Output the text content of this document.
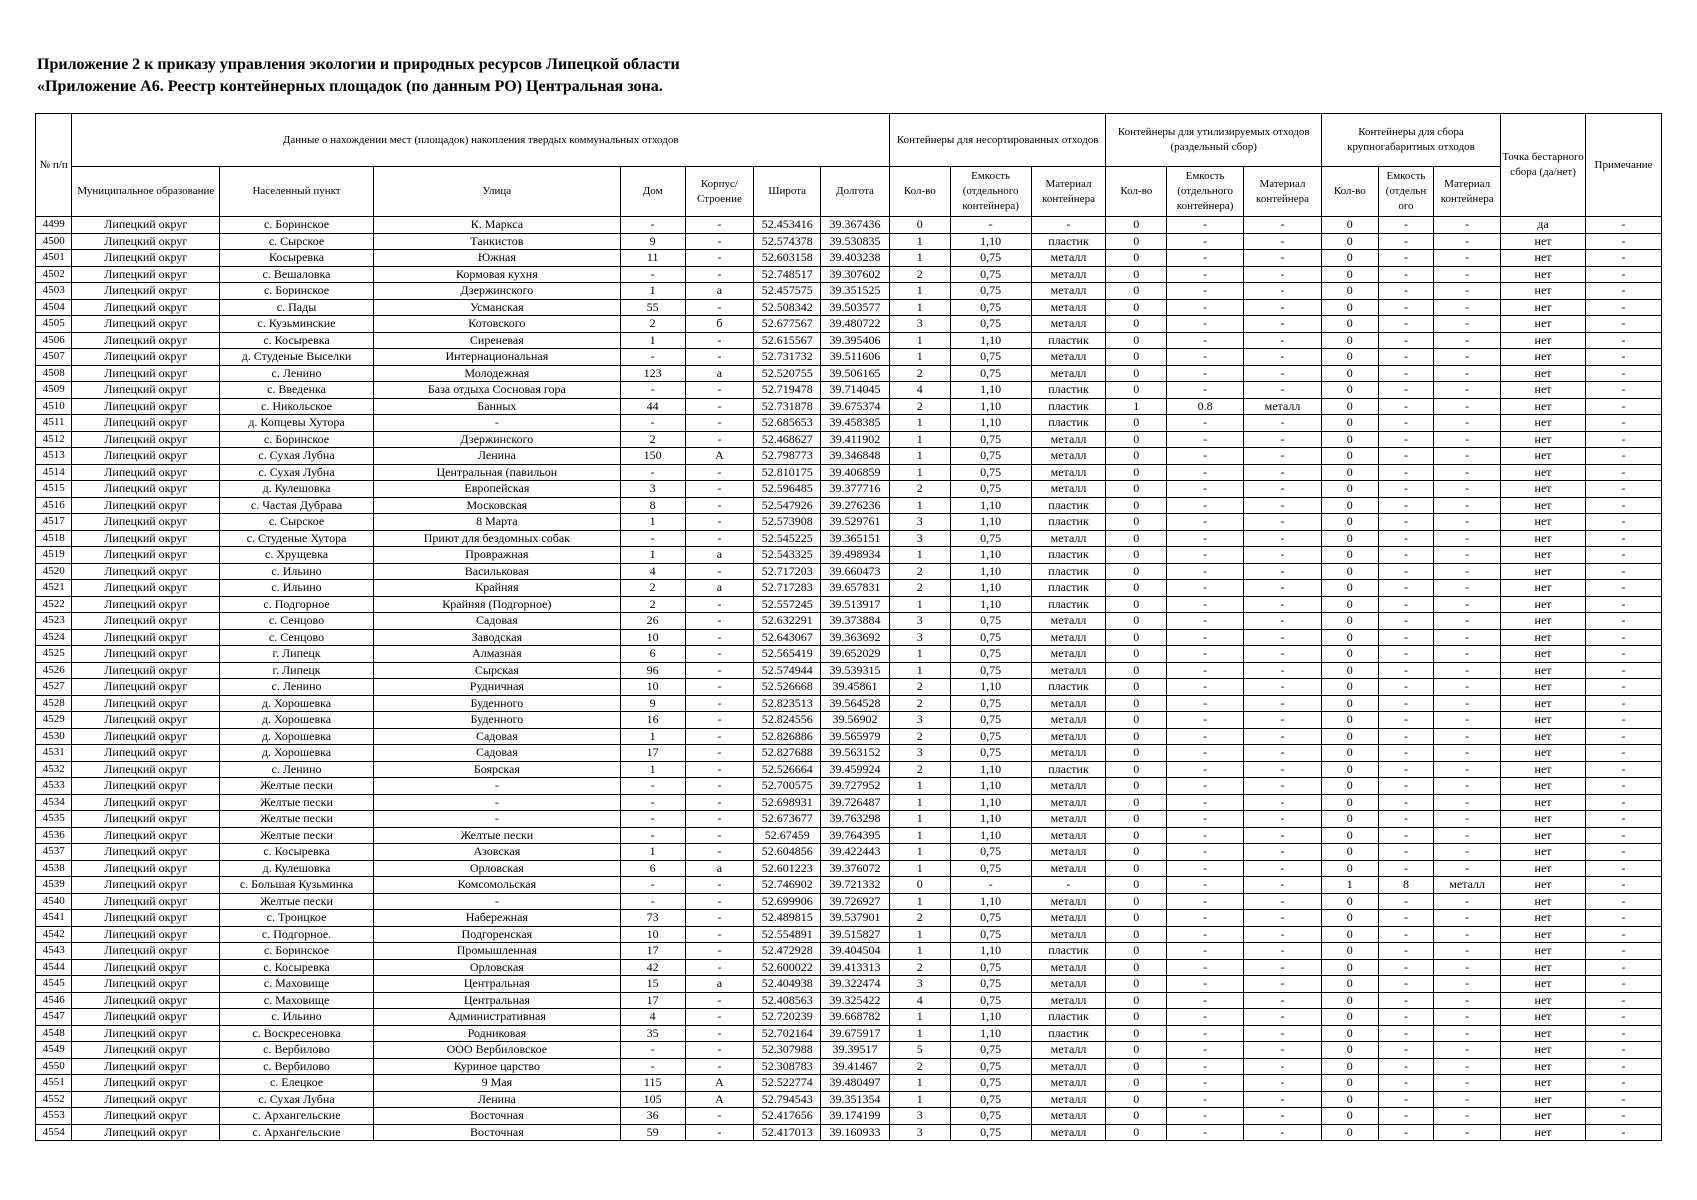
Приложение 2 к приказу управления экологии и природных ресурсов Липецкой области
«Приложение А6. Реестр контейнерных площадок (по данным РО) Центральная зона.
№ п/п	Данные о нахождении мест (площадок) накопления твердых коммунальных отходов							Контейнеры для несортированных отходов			Контейнеры для утилизируемых отходов (раздельный сбор)			Контейнеры для сбора крупногабаритных отходов			Точка бестарного сбора (да/нет)	Примечание
	Муниципальное образование	Населенный пункт	Улица	Дом	Корпус/ Строение	Широта	Долгота	Кол-во	Емкость (отдельного контейнера)	Материал контейнера	Кол-во	Емкость (отдельного контейнера)	Материал контейнера	Кол-во	Емкость (отдельн ого	Материал контейнера		
4499	Липецкий округ	с. Боринское	К. Маркса	-	-	52.453416	39.367436	0	-	-	0	-	-	0	-	-	да	-
4500	Липецкий округ	с. Сырское	Танкистов	9	-	52.574378	39.530835	1	1,10	пластик	0	-	-	0	-	-	нет	-
4501	Липецкий округ	Косыревка	Южная	11	-	52.603158	39.403238	1	0,75	металл	0	-	-	0	-	-	нет	-
4502	Липецкий округ	с. Вешаловка	Кормовая кухня	-	-	52.748517	39.307602	2	0,75	металл	0	-	-	0	-	-	нет	-
4503	Липецкий округ	с. Боринское	Дзержинского	1	а	52.457575	39.351525	1	0,75	металл	0	-	-	0	-	-	нет	-
4504	Липецкий округ	с. Пады	Усманская	55	-	52.508342	39.503577	1	0,75	металл	0	-	-	0	-	-	нет	-
4505	Липецкий округ	с. Кузьминские	Котовского	2	б	52.677567	39.480722	3	0,75	металл	0	-	-	0	-	-	нет	-
4506	Липецкий округ	с. Косыревка	Сиреневая	1	-	52.615567	39.395406	1	1,10	пластик	0	-	-	0	-	-	нет	-
4507	Липецкий округ	д. Студеные Выселки	Интернациональная	-	-	52.731732	39.511606	1	0,75	металл	0	-	-	0	-	-	нет	-
4508	Липецкий округ	с. Ленино	Молодежная	123	а	52.520755	39.506165	2	0,75	металл	0	-	-	0	-	-	нет	-
4509	Липецкий округ	с. Введенка	База отдыха Сосновая гора	-	-	52.719478	39.714045	4	1,10	пластик	0	-	-	0	-	-	нет	-
4510	Липецкий округ	с. Никольское	Банных	44	-	52.731878	39.675374	2	1,10	пластик	1	0.8	металл	0	-	-	нет	-
4511	Липецкий округ	д. Копцевы Хутора	-	-	-	52.685653	39.458385	1	1,10	пластик	0	-	-	0	-	-	нет	-
4512	Липецкий округ	с. Боринское	Дзержинского	2	-	52.468627	39.411902	1	0,75	металл	0	-	-	0	-	-	нет	-
4513	Липецкий округ	с. Сухая Лубна	Ленина	150	А	52.798773	39.346848	1	0,75	металл	0	-	-	0	-	-	нет	-
4514	Липецкий округ	с. Сухая Лубна	Центральная (павильон	-	-	52.810175	39.406859	1	0,75	металл	0	-	-	0	-	-	нет	-
4515	Липецкий округ	д. Кулешовка	Европейская	3	-	52.596485	39.377716	2	0,75	металл	0	-	-	0	-	-	нет	-
4516	Липецкий округ	с. Частая Дубрава	Московская	8	-	52.547926	39.276236	1	1,10	пластик	0	-	-	0	-	-	нет	-
4517	Липецкий округ	с. Сырское	8 Марта	1	-	52.573908	39.529761	3	1,10	пластик	0	-	-	0	-	-	нет	-
4518	Липецкий округ	с. Студеные Хутора	Приют для бездомных собак	-	-	52.545225	39.365151	3	0,75	металл	0	-	-	0	-	-	нет	-
4519	Липецкий округ	с. Хрущевка	Провражная	1	а	52.543325	39.498934	1	1,10	пластик	0	-	-	0	-	-	нет	-
4520	Липецкий округ	с. Ильино	Васильковая	4	-	52.717203	39.660473	2	1,10	пластик	0	-	-	0	-	-	нет	-
4521	Липецкий округ	с. Ильино	Крайняя	2	а	52.717283	39.657831	2	1,10	пластик	0	-	-	0	-	-	нет	-
4522	Липецкий округ	с. Подгорное	Крайняя (Подгорное)	2	-	52.557245	39.513917	1	1,10	пластик	0	-	-	0	-	-	нет	-
4523	Липецкий округ	с. Сенцово	Садовая	26	-	52.632291	39.373884	3	0,75	металл	0	-	-	0	-	-	нет	-
4524	Липецкий округ	с. Сенцово	Заводская	10	-	52.643067	39.363692	3	0,75	металл	0	-	-	0	-	-	нет	-
4525	Липецкий округ	г. Липецк	Алмазная	6	-	52.565419	39.652029	1	0,75	металл	0	-	-	0	-	-	нет	-
4526	Липецкий округ	г. Липецк	Сырская	96	-	52.574944	39.539315	1	0,75	металл	0	-	-	0	-	-	нет	-
4527	Липецкий округ	с. Ленино	Рудничная	10	-	52.526668	39.45861	2	1,10	пластик	0	-	-	0	-	-	нет	-
4528	Липецкий округ	д. Хорошевка	Буденного	9	-	52.823513	39.564528	2	0,75	металл	0	-	-	0	-	-	нет	-
4529	Липецкий округ	д. Хорошевка	Буденного	16	-	52.824556	39.56902	3	0,75	металл	0	-	-	0	-	-	нет	-
4530	Липецкий округ	д. Хорошевка	Садовая	1	-	52.826886	39.565979	2	0,75	металл	0	-	-	0	-	-	нет	-
4531	Липецкий округ	д. Хорошевка	Садовая	17	-	52.827688	39.563152	3	0,75	металл	0	-	-	0	-	-	нет	-
4532	Липецкий округ	с. Ленино	Боярская	1	-	52.526664	39.459924	2	1,10	пластик	0	-	-	0	-	-	нет	-
4533	Липецкий округ	Желтые пески	-	-	-	52.700575	39.727952	1	1,10	металл	0	-	-	0	-	-	нет	-
4534	Липецкий округ	Желтые пески	-	-	-	52.698931	39.726487	1	1,10	металл	0	-	-	0	-	-	нет	-
4535	Липецкий округ	Желтые пески	-	-	-	52.673677	39.763298	1	1,10	металл	0	-	-	0	-	-	нет	-
4536	Липецкий округ	Желтые пески	Желтые пески	-	-	52.67459	39.764395	1	1,10	металл	0	-	-	0	-	-	нет	-
4537	Липецкий округ	с. Косыревка	Азовская	1	-	52.604856	39.422443	1	0,75	металл	0	-	-	0	-	-	нет	-
4538	Липецкий округ	д. Кулешовка	Орловская	6	а	52.601223	39.376072	1	0,75	металл	0	-	-	0	-	-	нет	-
4539	Липецкий округ	с. Большая Кузьминка	Комсомольская	-	-	52.746902	39.721332	0	-	-	0	-	-	1	8	металл	нет	-
4540	Липецкий округ	Желтые пески	-	-	-	52.699906	39.726927	1	1,10	металл	0	-	-	0	-	-	нет	-
4541	Липецкий округ	с. Троицкое	Набережная	73	-	52.489815	39.537901	2	0,75	металл	0	-	-	0	-	-	нет	-
4542	Липецкий округ	с. Подгорное.	Подгоренская	10	-	52.554891	39.515827	1	0,75	металл	0	-	-	0	-	-	нет	-
4543	Липецкий округ	с. Боринское	Промышленная	17	-	52.472928	39.404504	1	1,10	пластик	0	-	-	0	-	-	нет	-
4544	Липецкий округ	с. Косыревка	Орловская	42	-	52.600022	39.413313	2	0,75	металл	0	-	-	0	-	-	нет	-
4545	Липецкий округ	с. Маховище	Центральная	15	а	52.404938	39.322474	3	0,75	металл	0	-	-	0	-	-	нет	-
4546	Липецкий округ	с. Маховище	Центральная	17	-	52.408563	39.325422	4	0,75	металл	0	-	-	0	-	-	нет	-
4547	Липецкий округ	с. Ильино	Административная	4	-	52.720239	39.668782	1	1,10	пластик	0	-	-	0	-	-	нет	-
4548	Липецкий округ	с. Воскресеновка	Родниковая	35	-	52.702164	39.675917	1	1,10	пластик	0	-	-	0	-	-	нет	-
4549	Липецкий округ	с. Вербилово	ООО Вербиловское	-	-	52.307988	39.39517	5	0,75	металл	0	-	-	0	-	-	нет	-
4550	Липецкий округ	с. Вербилово	Куриное царство	-	-	52.308783	39.41467	2	0,75	металл	0	-	-	0	-	-	нет	-
4551	Липецкий округ	с. Елецкое	9 Мая	115	А	52.522774	39.480497	1	0,75	металл	0	-	-	0	-	-	нет	-
4552	Липецкий округ	с. Сухая Лубна	Ленина	105	А	52.794543	39.351354	1	0,75	металл	0	-	-	0	-	-	нет	-
4553	Липецкий округ	с. Архангельские	Восточная	36	-	52.417656	39.174199	3	0,75	металл	0	-	-	0	-	-	нет	-
4554	Липецкий округ	с. Архангельские	Восточная	59	-	52.417013	39.160933	3	0,75	металл	0	-	-	0	-	-	нет	-
